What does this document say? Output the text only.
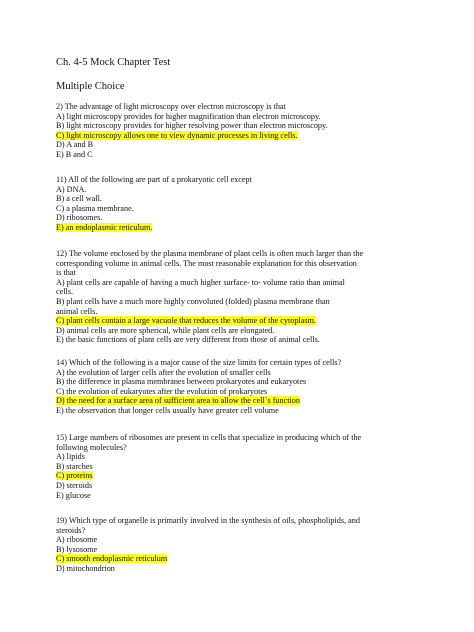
Ch. 4-5 Mock Chapter Test
Multiple Choice
2) The advantage of light microscopy over electron microscopy is that
A) light microscopy provides for higher magnification than electron microscopy.
B) light microscopy provides for higher resolving power than electron microscopy.
C) light microscopy allows one to view dynamic processes in living cells.
D) A and B
E) B and C
11) All of the following are part of a prokaryotic cell except
A) DNA.
B) a cell wall.
C) a plasma membrane.
D) ribosomes.
E) an endoplasmic reticulum.
12) The volume enclosed by the plasma membrane of plant cells is often much larger than the
corresponding volume in animal cells. The most reasonable explanation for this observation
is that
A) plant cells are capable of having a much higher surface- to- volume ratio than animal
cells.
B) plant cells have a much more highly convoluted (folded) plasma membrane than
animal cells.
C) plant cells contain a large vacuole that reduces the volume of the cytoplasm.
D) animal cells are more spherical, while plant cells are elongated.
E) the basic functions of plant cells are very different from those of animal cells.
14) Which of the following is a major cause of the size limits for certain types of cells?
A) the evolution of larger cells after the evolution of smaller cells
B) the difference in plasma membranes between prokaryotes and eukaryotes
C) the evolution of eukaryotes after the evolution of prokaryotes
D) the need for a surface area of sufficient area to allow the cell`s function
E) the observation that longer cells usually have greater cell volume
15) Large numbers of ribosomes are present in cells that specialize in producing which of the
following molecules?
A) lipids
B) starches
C) proteins
D) steroids
E) glucose
19) Which type of organelle is primarily involved in the synthesis of oils, phospholipids, and
steroids?
A) ribosome
B) lysosome
C) smooth endoplasmic reticulum
D) mitochondrion
